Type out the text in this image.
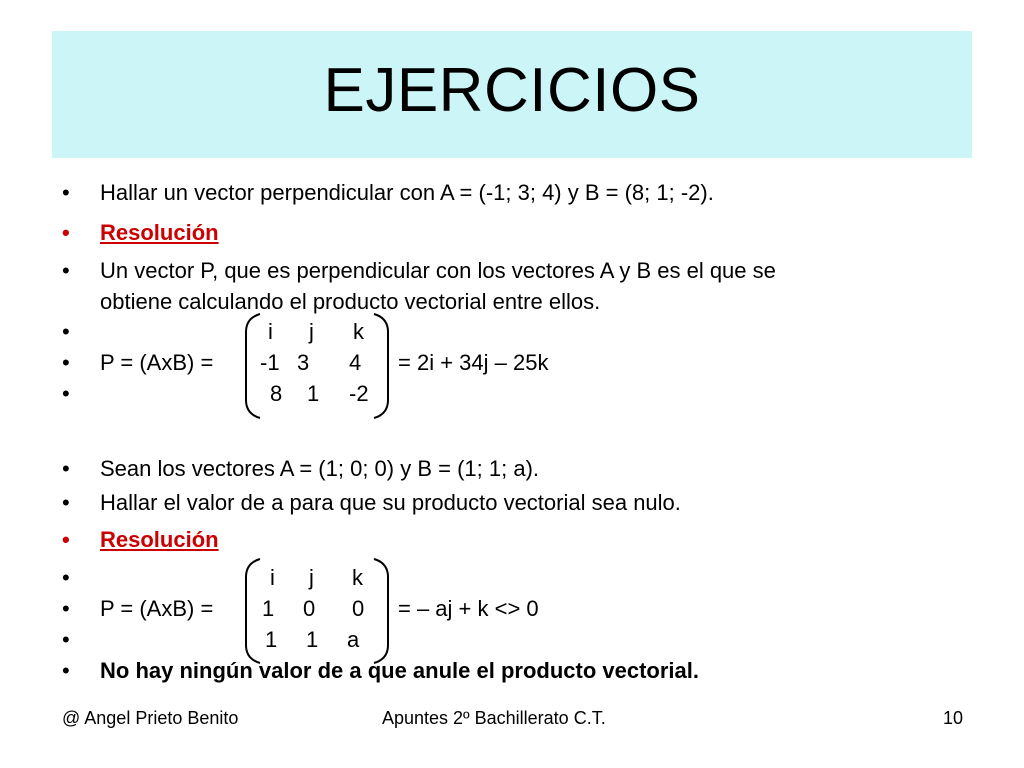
EJERCICIOS
• Hallar un vector perpendicular con A = (-1; 3; 4) y B = (8; 1; -2).
• Resolución
• Un vector P, que es perpendicular con los vectores A y B es el que se
obtiene calculando el producto vectorial entre ellos.
•	i j k
• P = (AxB) = -1 3 4 = 2i + 34j – 25k
•	8 1 -2
• Sean los vectores A = (1; 0; 0) y B = (1; 1; a).
• Hallar el valor de a para que su producto vectorial sea nulo.
• Resolución
•	i j k
• P = (AxB) = 1 0 0 = – aj + k <> 0
•	1 1 a
• No hay ningún valor de a que anule el producto vectorial.
@ Angel Prieto Benito	Apuntes 2º Bachillerato C.T.	10
